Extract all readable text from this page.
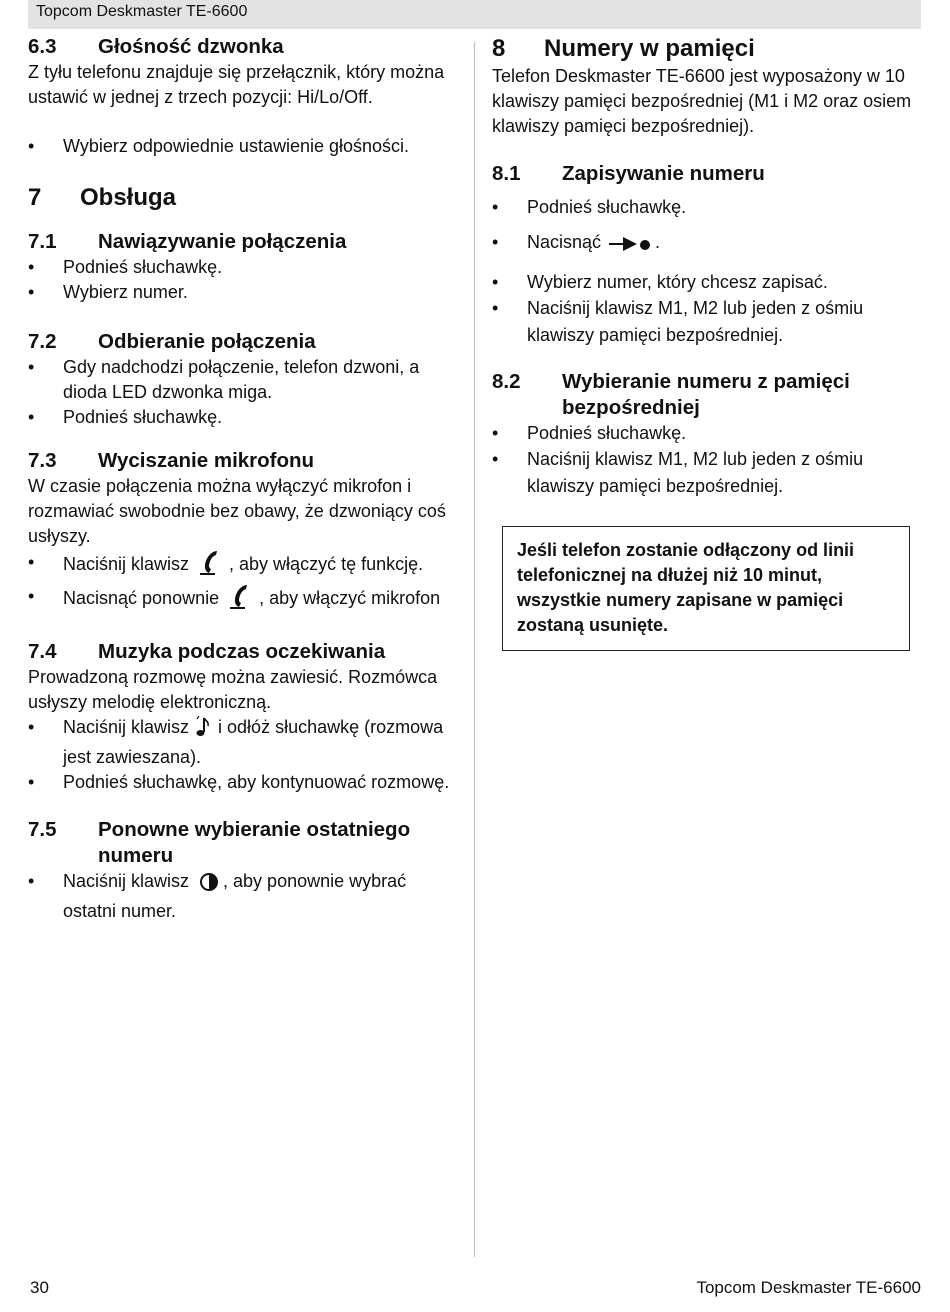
Topcom Deskmaster TE-6600
6.3	Głośność dzwonka

Z tyłu telefonu znajduje się przełącznik, który można ustawić w jednej z trzech pozycji: Hi/Lo/Off.

• Wybierz odpowiednie ustawienie głośności.
7	Obsługa
7.1	Nawiązywanie połączenia
• Podnieś słuchawkę.
• Wybierz numer.
7.2	Odbieranie połączenia
• Gdy nadchodzi połączenie, telefon dzwoni, a dioda LED dzwonka miga.
• Podnieś słuchawkę.
7.3	Wyciszanie mikrofonu

W czasie połączenia można wyłączyć mikrofon i rozmawiać swobodnie bez obawy, że dzwoniący coś usłyszy.

• Naciśnij klawisz , aby włączyć tę funkcję.
• Nacisnąć ponownie , aby włączyć mikrofon
7.4	Muzyka podczas oczekiwania

Prowadzoną rozmowę można zawiesić. Rozmówca usłyszy melodię elektroniczną.

• Naciśnij klawisz i odłóż słuchawkę (rozmowa jest zawieszana).
• Podnieś słuchawkę, aby kontynuować rozmowę.
7.5	Ponowne wybieranie ostatniego numeru
• Naciśnij klawisz , aby ponownie wybrać ostatni numer.
8	Numery w pamięci

Telefon Deskmaster TE-6600 jest wyposażony w 10 klawiszy pamięci bezpośredniej (M1 i M2 oraz osiem klawiszy pamięci bezpośredniej).

8.1	Zapisywanie numeru
• Podnieś słuchawkę.
• Nacisnąć	.
• Wybierz numer, który chcesz zapisać.
• Naciśnij klawisz M1, M2 lub jeden z ośmiu klawiszy pamięci bezpośredniej.
8.2	Wybieranie numeru z pamięci bezpośredniej
• Podnieś słuchawkę.
• Naciśnij klawisz M1, M2 lub jeden z ośmiu klawiszy pamięci bezpośredniej.
Jeśli telefon zostanie odłączony od linii telefonicznej na dłużej niż 10 minut, wszystkie numery zapisane w pamięci zostaną usunięte.
30	Topcom Deskmaster TE-6600
